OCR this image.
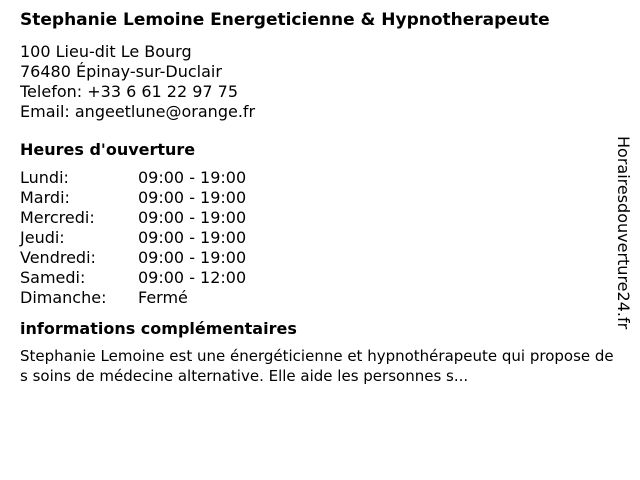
Stephanie Lemoine Energeticienne & Hypnotherapeute
100 Lieu-dit Le Bourg
76480 Épinay-sur-Duclair
Telefon: +33 6 61 22 97 75
Email: angeetlune@orange.fr
Heures d'ouverture
Lundi:	09:00 - 19:00
Mardi:	09:00 - 19:00
Mercredi:	09:00 - 19:00
Jeudi:	09:00 - 19:00
Vendredi:	09:00 - 19:00
Samedi:	09:00 - 12:00
Dimanche:	Fermé
informations complémentaires
Stephanie Lemoine est une énergéticienne et hypnothérapeute qui propose des soins de médecine alternative. Elle aide les personnes s...
Horairesdouverture24.fr
